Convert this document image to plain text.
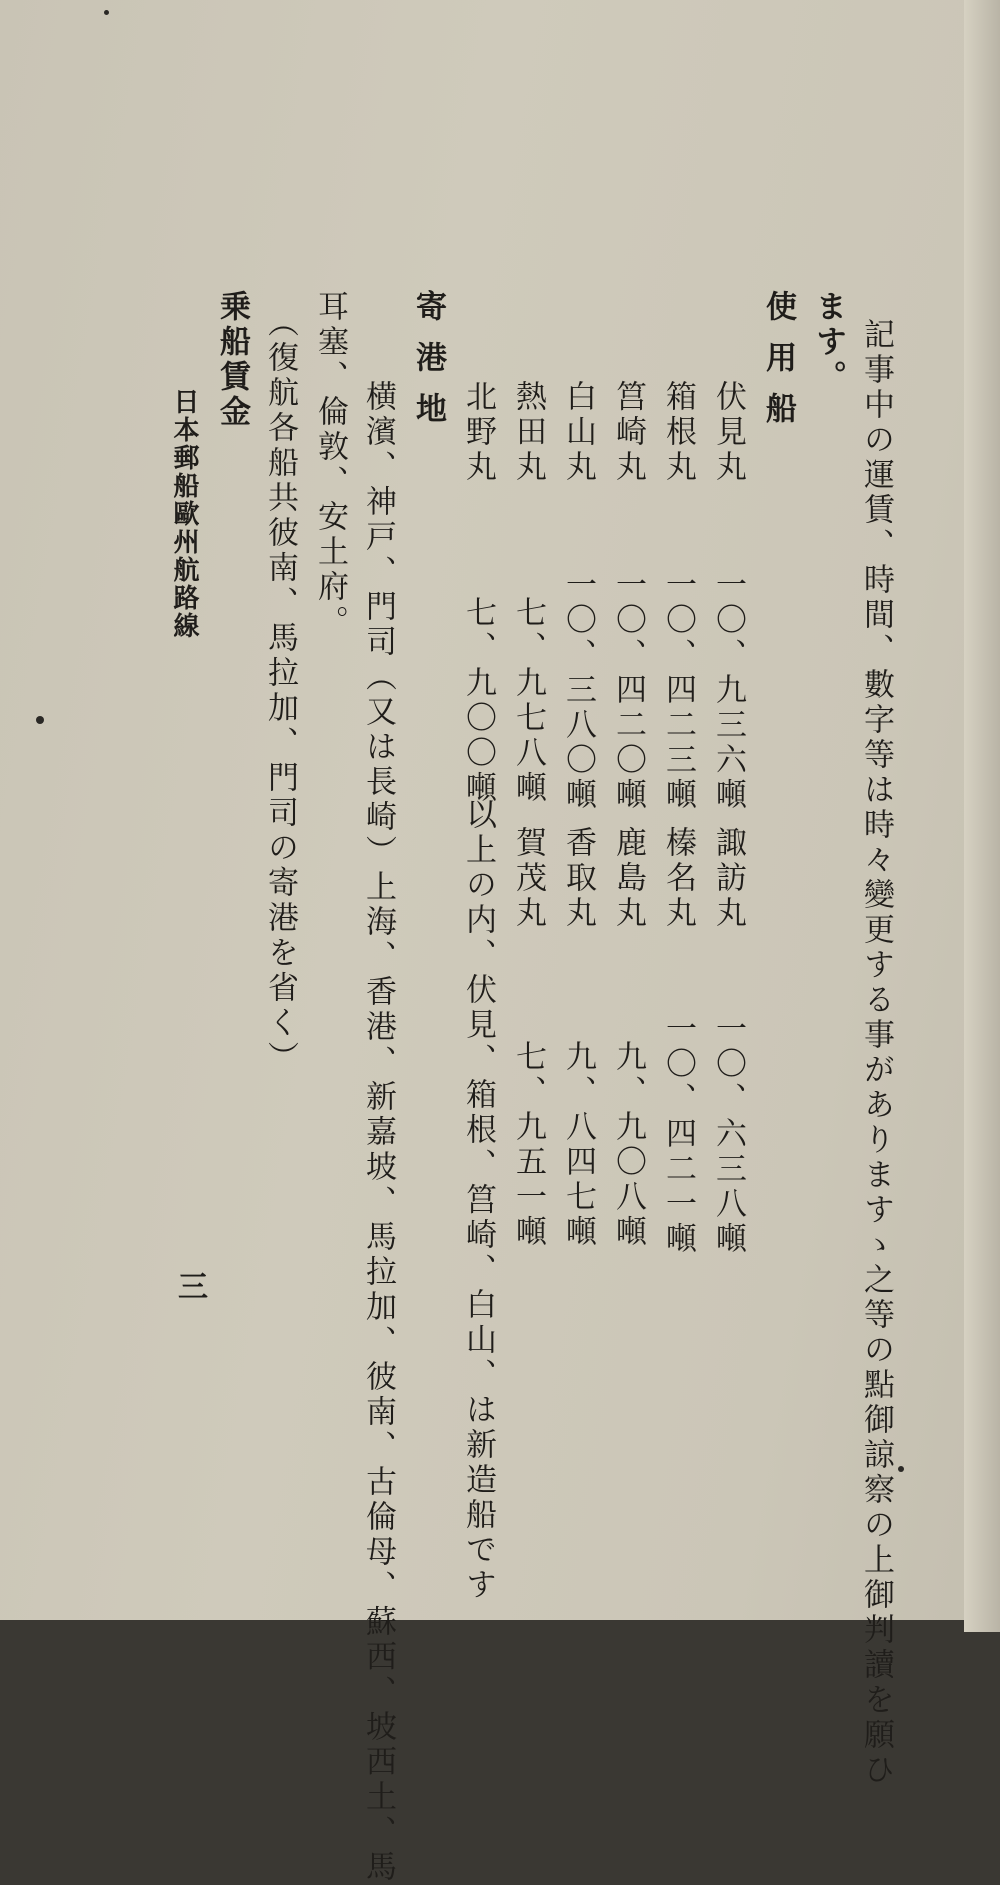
記事中の運賃、時間、數字等は時々變更する事がありますゝ之等の點御諒察の上御判讀を願ひ
ます。
使用船
伏見丸
一〇、九三六噸
諏訪丸
一〇、六三八噸
箱根丸
一〇、四二三噸
榛名丸
一〇、四二一噸
筥崎丸
一〇、四二〇噸
鹿島丸
九、九〇八噸
白山丸
一〇、三八〇噸
香取丸
九、八四七噸
熱田丸
七、九七八噸
賀茂丸
七、九五一噸
北野丸
七、九〇〇噸
以上の内、伏見、箱根、筥崎、白山、は新造船です
寄港地
横濱、神戸、門司（又は長崎）上海、香港、新嘉坡、馬拉加、彼南、古倫母、蘇西、坡西土、馬
耳塞、倫敦、安土府。
（復航各船共彼南、馬拉加、門司の寄港を省く）
乗船賃金
日本郵船歐州航路線
三
